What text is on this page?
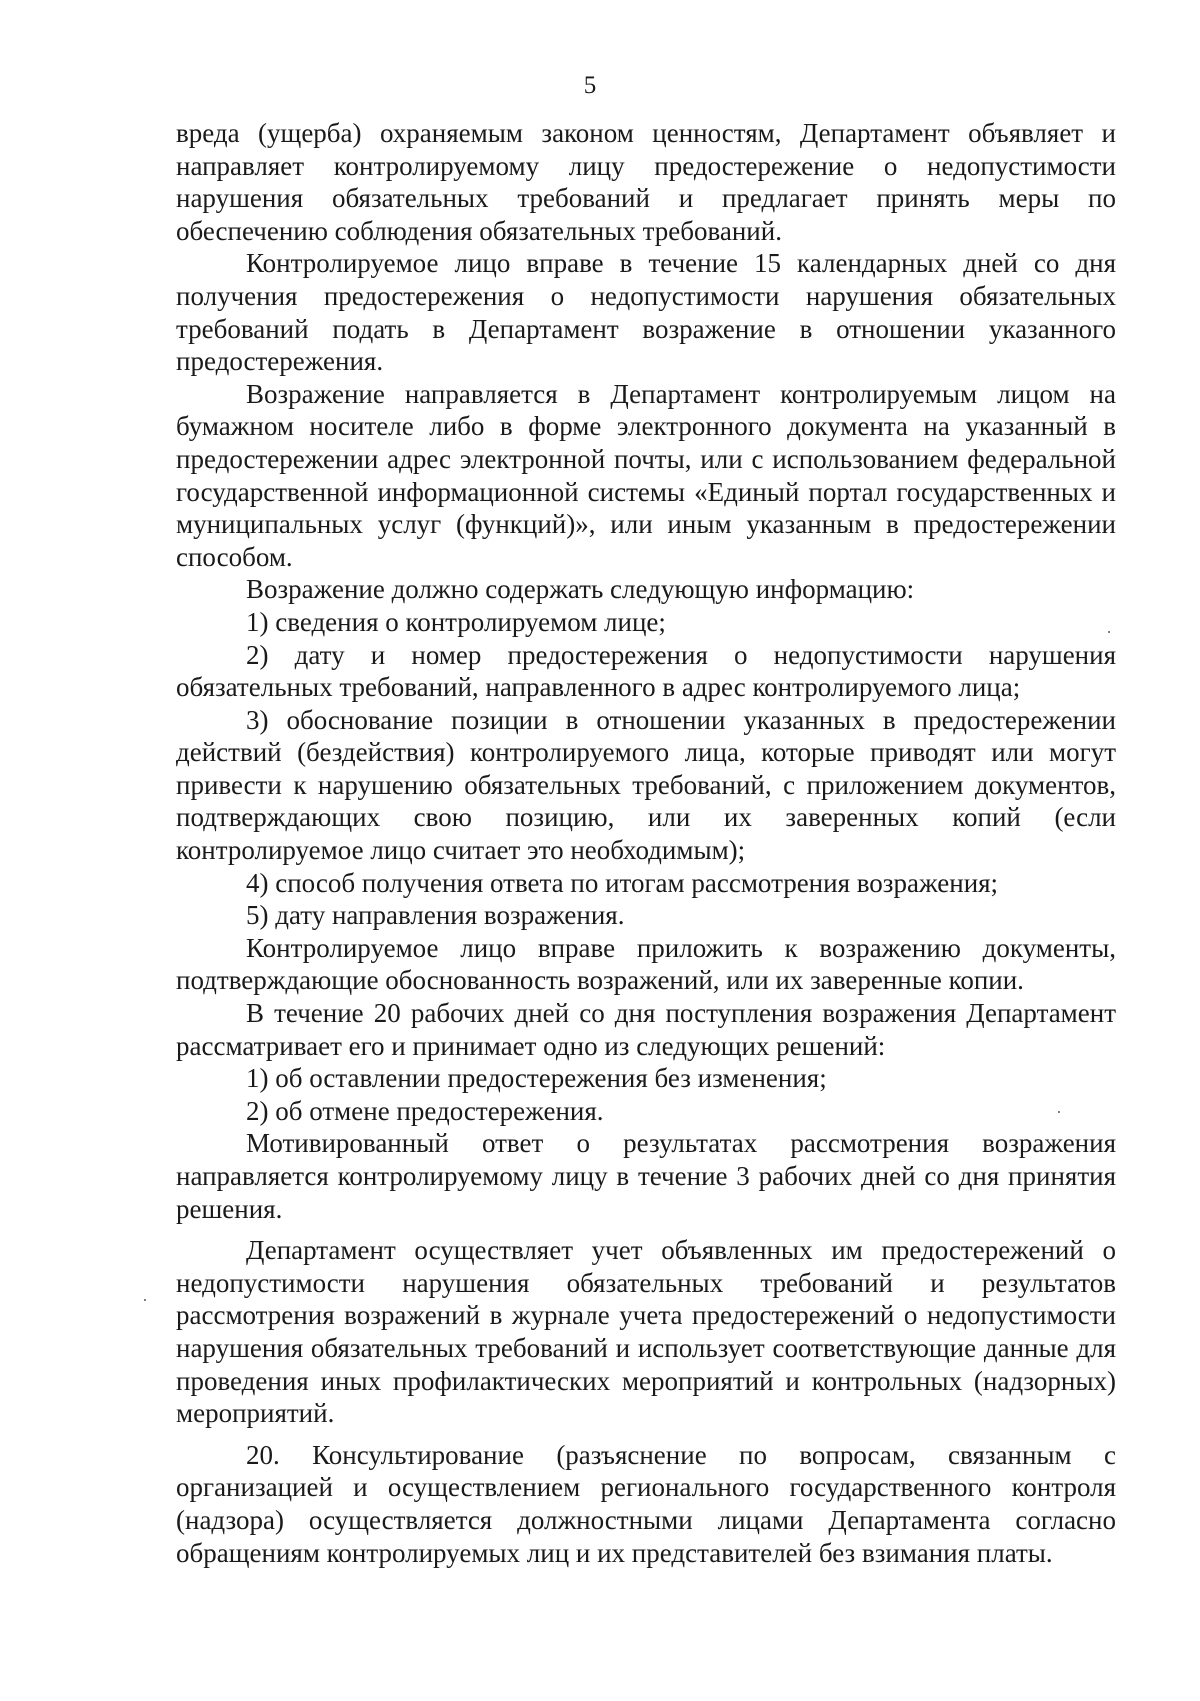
5

вреда (ущерба) охраняемым законом ценностям, Департамент объявляет и направляет контролируемому лицу предостережение о недопустимости нарушения обязательных требований и предлагает принять меры по обеспечению соблюдения обязательных требований.

Контролируемое лицо вправе в течение 15 календарных дней со дня получения предостережения о недопустимости нарушения обязательных требований подать в Департамент возражение в отношении указанного предостережения.

Возражение направляется в Департамент контролируемым лицом на бумажном носителе либо в форме электронного документа на указанный в предостережении адрес электронной почты, или с использованием федеральной государственной информационной системы «Единый портал государственных и муниципальных услуг (функций)», или иным указанным в предостережении способом.

Возражение должно содержать следующую информацию:

1) сведения о контролируемом лице;

2) дату и номер предостережения о недопустимости нарушения обязательных требований, направленного в адрес контролируемого лица;

3) обоснование позиции в отношении указанных в предостережении действий (бездействия) контролируемого лица, которые приводят или могут привести к нарушению обязательных требований, с приложением документов, подтверждающих свою позицию, или их заверенных копий (если контролируемое лицо считает это необходимым);

4) способ получения ответа по итогам рассмотрения возражения;

5) дату направления возражения.

Контролируемое лицо вправе приложить к возражению документы, подтверждающие обоснованность возражений, или их заверенные копии.

В течение 20 рабочих дней со дня поступления возражения Департамент рассматривает его и принимает одно из следующих решений:

1) об оставлении предостережения без изменения;

2) об отмене предостережения.

Мотивированный ответ о результатах рассмотрения возражения направляется контролируемому лицу в течение 3 рабочих дней со дня принятия решения.

Департамент осуществляет учет объявленных им предостережений о недопустимости нарушения обязательных требований и результатов рассмотрения возражений в журнале учета предостережений о недопустимости нарушения обязательных требований и использует соответствующие данные для проведения иных профилактических мероприятий и контрольных (надзорных) мероприятий.

20. Консультирование (разъяснение по вопросам, связанным с организацией и осуществлением регионального государственного контроля (надзора) осуществляется должностными лицами Департамента согласно обращениям контролируемых лиц и их представителей без взимания платы.
